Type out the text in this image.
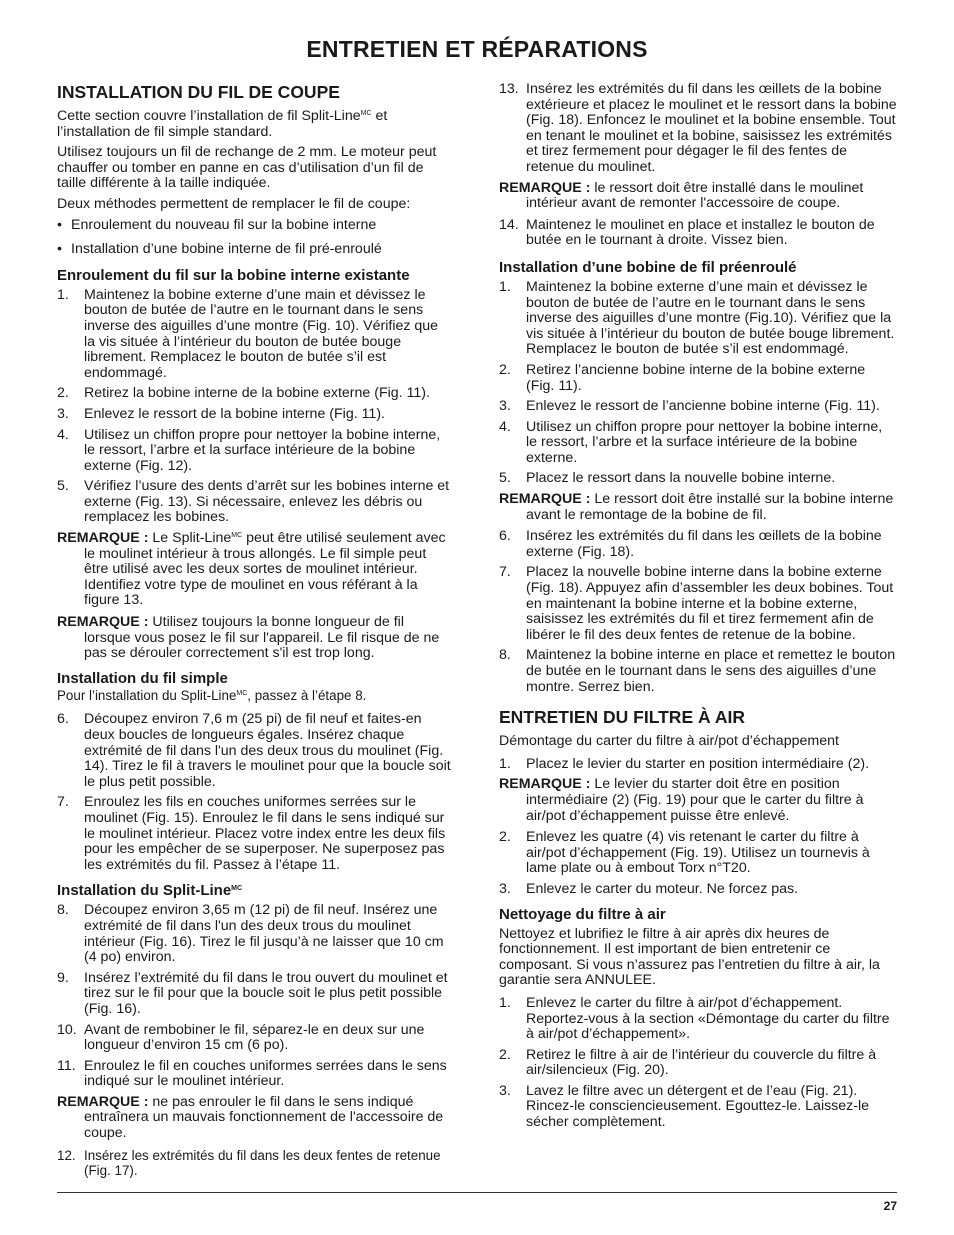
ENTRETIEN ET RÉPARATIONS
INSTALLATION DU FIL DE COUPE

Cette section couvre l’installation de fil Split-Line$^{MC}$ et l’installation de fil simple standard.

Utilisez toujours un fil de rechange de 2 mm. Le moteur peut chauffer ou tomber en panne en cas d’utilisation d’un fil de taille différente à la taille indiquée.

Deux méthodes permettent de remplacer le fil de coupe:

• Enroulement du nouveau fil sur la bobine interne
• Installation d’une bobine interne de fil pré-enroulé
Enroulement du fil sur la bobine interne existante
1.	Maintenez la bobine externe d’une main et dévissez le bouton de butée de l’autre en le tournant dans le sens inverse des aiguilles d’une montre (Fig. 10). Vérifiez que la vis située à l’intérieur du bouton de butée bouge librement. Remplacez le bouton de butée s’il est endommagé.
2.	Retirez la bobine interne de la bobine externe (Fig. 11).
3.	Enlevez le ressort de la bobine interne (Fig. 11).
4.	Utilisez un chiffon propre pour nettoyer la bobine interne, le ressort, l’arbre et la surface intérieure de la bobine externe (Fig. 12).
5.	Vérifiez l’usure des dents d’arrêt sur les bobines interne et externe (Fig. 13). Si nécessaire, enlevez les débris ou remplacez les bobines.

REMARQUE : Le Split-Line$^{MC}$ peut être utilisé seulement avec le moulinet intérieur à trous allongés. Le fil simple peut être utilisé avec les deux sortes de moulinet intérieur. Identifiez votre type de moulinet en vous référant à la figure 13.

REMARQUE : Utilisez toujours la bonne longueur de fil lorsque vous posez le fil sur l'appareil. Le fil risque de ne pas se dérouler correctement s'il est trop long.

Installation du fil simple

Pour l’installation du Split-Line$^{MC}$, passez à l’étape 8.

6.	Découpez environ 7,6 m (25 pi) de fil neuf et faites-en deux boucles de longueurs égales. Insérez chaque extrémité de fil dans l'un des deux trous du moulinet (Fig. 14). Tirez le fil à travers le moulinet pour que la boucle soit le plus petit possible.
7.	Enroulez les fils en couches uniformes serrées sur le moulinet (Fig. 15). Enroulez le fil dans le sens indiqué sur le moulinet intérieur. Placez votre index entre les deux fils pour les empêcher de se superposer. Ne superposez pas les extrémités du fil. Passez à l’étape 11.
Installation du Split-Line$^{MC}$
8.	Découpez environ 3,65 m (12 pi) de fil neuf. Insérez une extrémité de fil dans l'un des deux trous du moulinet intérieur (Fig. 16). Tirez le fil jusqu’à ne laisser que 10 cm (4 po) environ.
9.	Insérez l’extrémité du fil dans le trou ouvert du moulinet et tirez sur le fil pour que la boucle soit le plus petit possible (Fig. 16).
10. Avant de rembobiner le fil, séparez-le en deux sur une longueur d’environ 15 cm (6 po).
11. Enroulez le fil en couches uniformes serrées dans le sens indiqué sur le moulinet intérieur.

REMARQUE : ne pas enrouler le fil dans le sens indiqué entraînera un mauvais fonctionnement de l'accessoire de coupe.

12. Insérez les extrémités du fil dans les deux fentes de retenue (Fig. 17).
13. Insérez les extrémités du fil dans les œillets de la bobine extérieure et placez le moulinet et le ressort dans la bobine (Fig. 18). Enfoncez le moulinet et la bobine ensemble. Tout en tenant le moulinet et la bobine, saisissez les extrémités et tirez fermement pour dégager le fil des fentes de retenue du moulinet.

REMARQUE : le ressort doit être installé dans le moulinet intérieur avant de remonter l'accessoire de coupe.

14. Maintenez le moulinet en place et installez le bouton de butée en le tournant à droite. Vissez bien.
Installation d’une bobine de fil préenroulé
1.	Maintenez la bobine externe d’une main et dévissez le bouton de butée de l’autre en le tournant dans le sens inverse des aiguilles d’une montre (Fig.10). Vérifiez que la vis située à l’intérieur du bouton de butée bouge librement. Remplacez le bouton de butée s’il est endommagé.
2.	Retirez l’ancienne bobine interne de la bobine externe (Fig. 11).
3.	Enlevez le ressort de l’ancienne bobine interne (Fig. 11).
4.	Utilisez un chiffon propre pour nettoyer la bobine interne, le ressort, l’arbre et la surface intérieure de la bobine externe.
5.	Placez le ressort dans la nouvelle bobine interne.

REMARQUE : Le ressort doit être installé sur la bobine interne avant le remontage de la bobine de fil.

6.	Insérez les extrémités du fil dans les œillets de la bobine externe (Fig. 18).
7.	Placez la nouvelle bobine interne dans la bobine externe (Fig. 18). Appuyez afin d’assembler les deux bobines. Tout en maintenant la bobine interne et la bobine externe, saisissez les extrémités du fil et tirez fermement afin de libérer le fil des deux fentes de retenue de la bobine.
8.	Maintenez la bobine interne en place et remettez le bouton de butée en le tournant dans le sens des aiguilles d’une montre. Serrez bien.
ENTRETIEN DU FILTRE À AIR

Démontage du carter du filtre à air/pot d’échappement

1.	Placez le levier du starter en position intermédiaire (2).

REMARQUE : Le levier du starter doit être en position intermédiaire (2) (Fig. 19) pour que le carter du filtre à air/pot d’échappement puisse être enlevé.

2.	Enlevez les quatre (4) vis retenant le carter du filtre à air/pot d’échappement (Fig. 19). Utilisez un tournevis à lame plate ou à embout Torx n°T20.
3.	Enlevez le carter du moteur. Ne forcez pas.
Nettoyage du filtre à air

Nettoyez et lubrifiez le filtre à air après dix heures de fonctionnement. Il est important de bien entretenir ce composant. Si vous n’assurez pas l’entretien du filtre à air, la garantie sera ANNULEE.

1.	Enlevez le carter du filtre à air/pot d’échappement. Reportez-vous à la section «Démontage du carter du filtre à air/pot d’échappement».
2.	Retirez le filtre à air de l’intérieur du couvercle du filtre à air/silencieux (Fig. 20).
3.	Lavez le filtre avec un détergent et de l’eau (Fig. 21). Rincez-le consciencieusement. Egouttez-le. Laissez-le sécher complètement.
27
